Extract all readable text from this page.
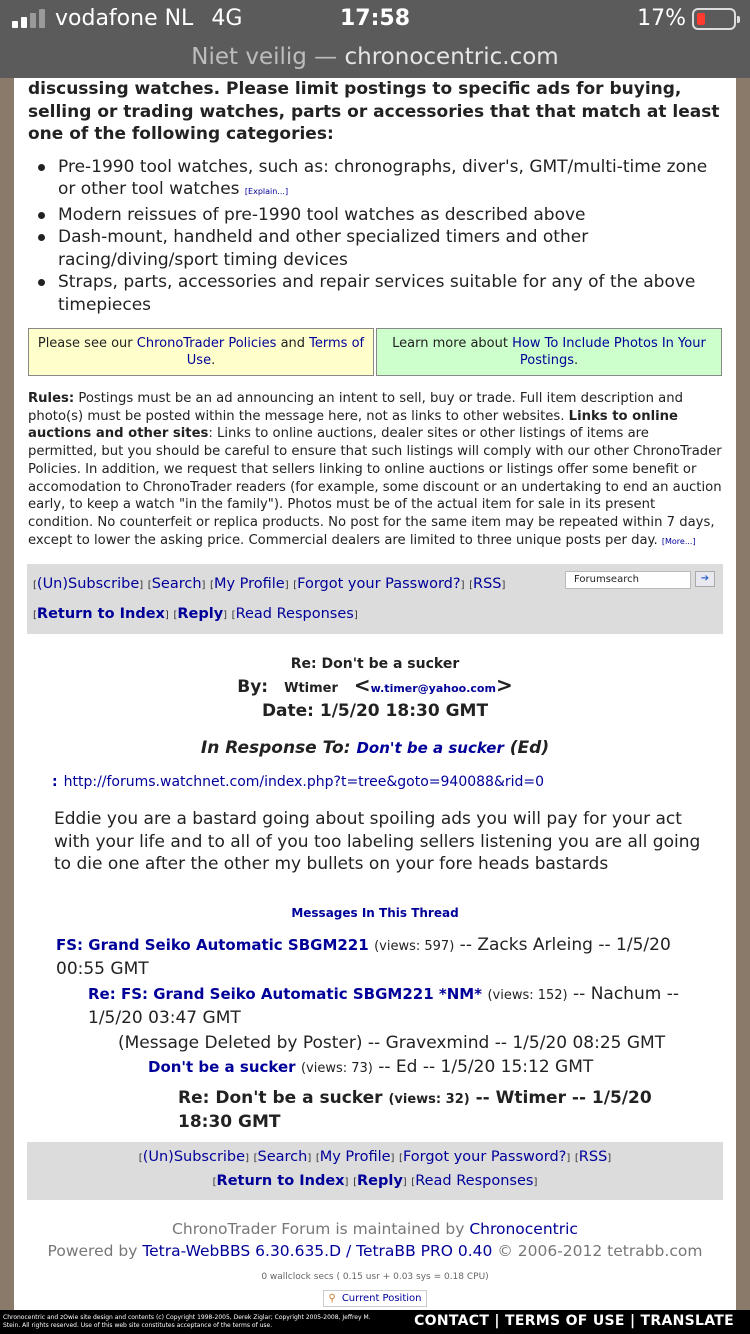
vodafone NL 4G	17:58	17%
Niet veilig — chronocentric.com
discussing watches. Please limit postings to specific ads for buying, selling or trading watches, parts or accessories that that match at least one of the following categories:
Pre-1990 tool watches, such as: chronographs, diver's, GMT/multi-time zone or other tool watches [Explain...]
Modern reissues of pre-1990 tool watches as described above
Dash-mount, handheld and other specialized timers and other racing/diving/sport timing devices
Straps, parts, accessories and repair services suitable for any of the above timepieces
Please see our ChronoTrader Policies and Terms of Use.
Learn more about How To Include Photos In Your Postings.
Rules: Postings must be an ad announcing an intent to sell, buy or trade. Full item description and photo(s) must be posted within the message here, not as links to other websites. Links to online auctions and other sites: Links to online auctions, dealer sites or other listings of items are permitted, but you should be careful to ensure that such listings will comply with our other ChronoTrader Policies. In addition, we request that sellers linking to online auctions or listings offer some benefit or accomodation to ChronoTrader readers (for example, some discount or an undertaking to end an auction early, to keep a watch "in the family"). Photos must be of the actual item for sale in its present condition. No counterfeit or replica products. No post for the same item may be repeated within 7 days, except to lower the asking price. Commercial dealers are limited to three unique posts per day. [More...]
[(Un)Subscribe] [Search] [My Profile] [Forgot your Password?] [RSS]
[Return to Index] [Reply] [Read Responses]
Forumsearch	➔
Re: Don't be a sucker
By: Wtimer <w.timer@yahoo.com>
Date: 1/5/20 18:30 GMT
In Response To: Don't be a sucker (Ed)
: http://forums.watchnet.com/index.php?t=tree&goto=940088&rid=0
Eddie you are a bastard going about spoiling ads you will pay for your act with your life and to all of you too labeling sellers listening you are all going to die one after the other my bullets on your fore heads bastards
Messages In This Thread
FS: Grand Seiko Automatic SBGM221 (views: 597) -- Zacks Arleing -- 1/5/20 00:55 GMT
Re: FS: Grand Seiko Automatic SBGM221 *NM* (views: 152) -- Nachum -- 1/5/20 03:47 GMT
(Message Deleted by Poster) -- Gravexmind -- 1/5/20 08:25 GMT
Don't be a sucker (views: 73) -- Ed -- 1/5/20 15:12 GMT
Re: Don't be a sucker (views: 32) -- Wtimer -- 1/5/20 18:30 GMT
[(Un)Subscribe] [Search] [My Profile] [Forgot your Password?] [RSS]
[Return to Index] [Reply] [Read Responses]
ChronoTrader Forum is maintained by Chronocentric
Powered by Tetra-WebBBS 6.30.635.D / TetraBB PRO 0.40 © 2006-2012 tetrabb.com
0 wallclock secs ( 0.15 usr + 0.03 sys = 0.18 CPU)
⚲ Current Position
Chronocentric and zOwie site design and contents (c) Copyright 1998-2005, Derek Ziglar; Copyright 2005-2008, Jeffrey M. Stein. All rights reserved. Use of this web site constitutes acceptance of the terms of use.	CONTACT | TERMS OF USE | TRANSLATE
